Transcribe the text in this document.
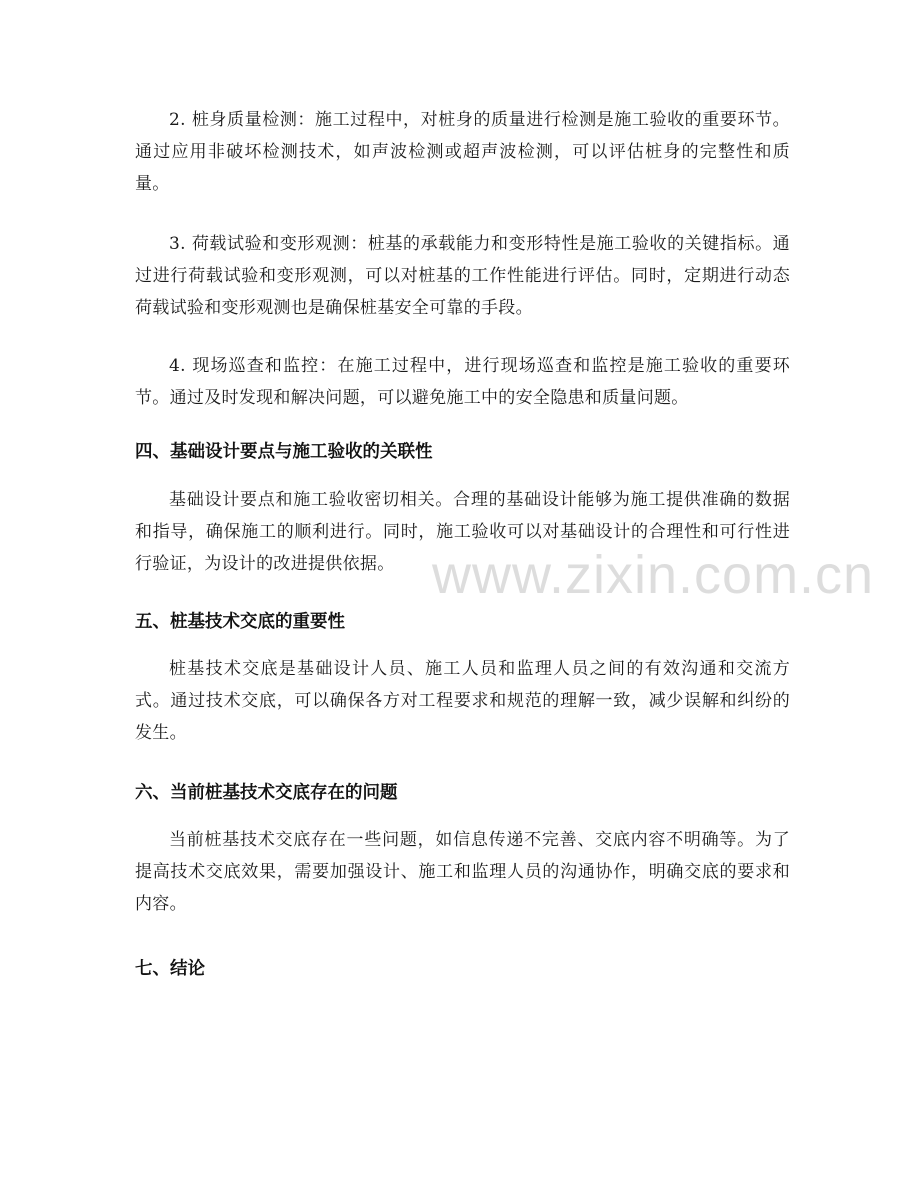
2. 桩身质量检测：施工过程中，对桩身的质量进行检测是施工验收的重要环节。通过应用非破坏检测技术，如声波检测或超声波检测，可以评估桩身的完整性和质量。

3. 荷载试验和变形观测：桩基的承载能力和变形特性是施工验收的关键指标。通过进行荷载试验和变形观测，可以对桩基的工作性能进行评估。同时，定期进行动态荷载试验和变形观测也是确保桩基安全可靠的手段。

4. 现场巡查和监控：在施工过程中，进行现场巡查和监控是施工验收的重要环节。通过及时发现和解决问题，可以避免施工中的安全隐患和质量问题。

四、基础设计要点与施工验收的关联性

基础设计要点和施工验收密切相关。合理的基础设计能够为施工提供准确的数据和指导，确保施工的顺利进行。同时，施工验收可以对基础设计的合理性和可行性进行验证，为设计的改进提供依据。

五、桩基技术交底的重要性

桩基技术交底是基础设计人员、施工人员和监理人员之间的有效沟通和交流方式。通过技术交底，可以确保各方对工程要求和规范的理解一致，减少误解和纠纷的发生。

六、当前桩基技术交底存在的问题

当前桩基技术交底存在一些问题，如信息传递不完善、交底内容不明确等。为了提高技术交底效果，需要加强设计、施工和监理人员的沟通协作，明确交底的要求和内容。

七、结论
www.zixin.com.cn
